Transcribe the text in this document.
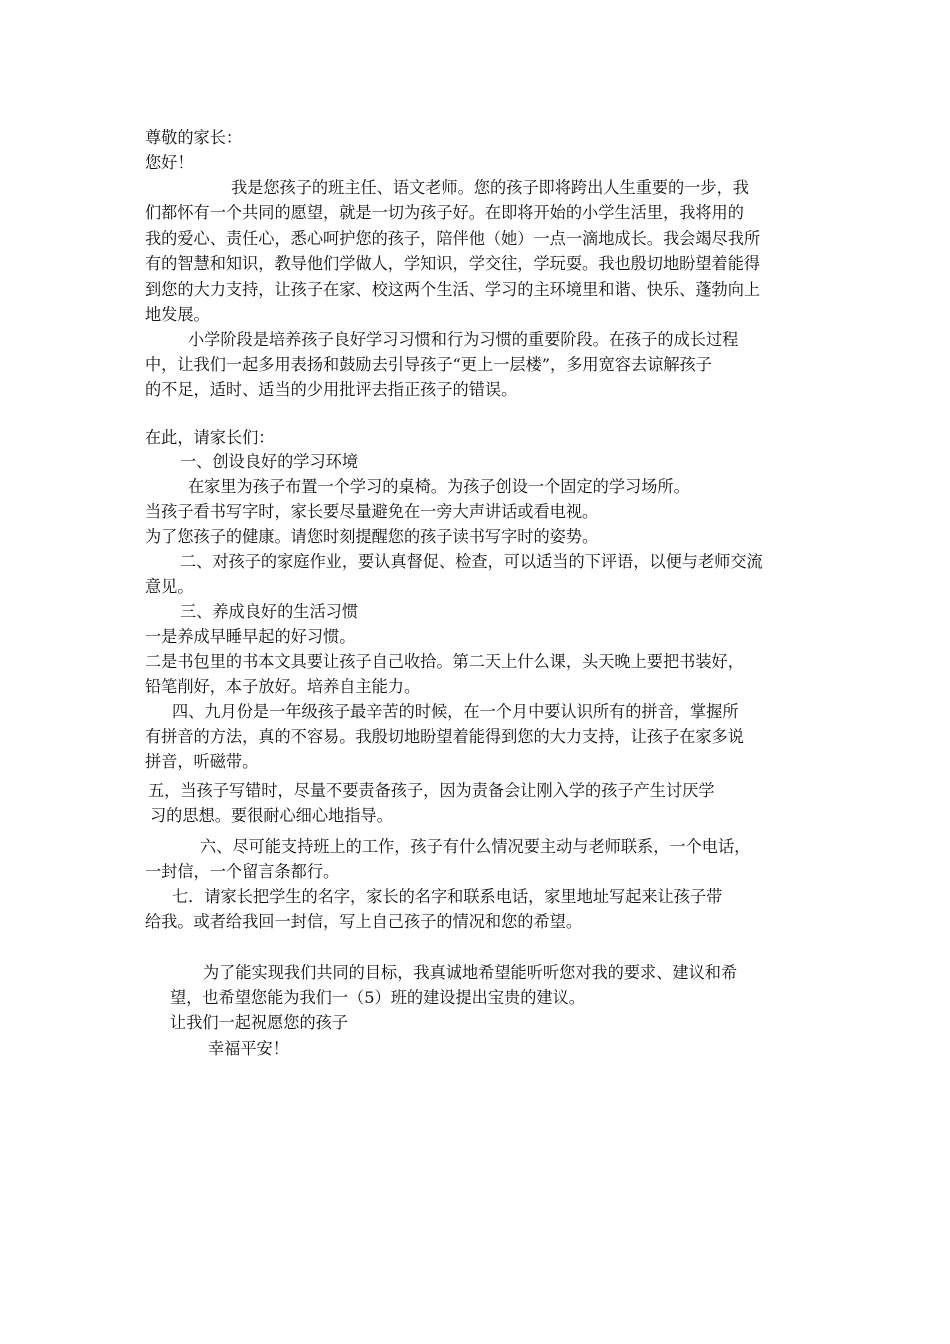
尊敬的家长：
您好！
我是您孩子的班主任、语文老师。您的孩子即将跨出人生重要的一步，我
们都怀有一个共同的愿望，就是一切为孩子好。在即将开始的小学生活里，我将用的
我的爱心、责任心，悉心呵护您的孩子，陪伴他（她）一点一滴地成长。我会竭尽我所
有的智慧和知识，教导他们学做人，学知识，学交往，学玩耍。我也殷切地盼望着能得
到您的大力支持，让孩子在家、校这两个生活、学习的主环境里和谐、快乐、蓬勃向上
地发展。
小学阶段是培养孩子良好学习习惯和行为习惯的重要阶段。在孩子的成长过程
中，让我们一起多用表扬和鼓励去引导孩子“更上一层楼”，多用宽容去谅解孩子
的不足，适时、适当的少用批评去指正孩子的错误。
在此，请家长们：
一、创设良好的学习环境
在家里为孩子布置一个学习的桌椅。为孩子创设一个固定的学习场所。
当孩子看书写字时，家长要尽量避免在一旁大声讲话或看电视。
为了您孩子的健康。请您时刻提醒您的孩子读书写字时的姿势。
二、对孩子的家庭作业，要认真督促、检查，可以适当的下评语，以便与老师交流
意见。
三、养成良好的生活习惯
一是养成早睡早起的好习惯。
二是书包里的书本文具要让孩子自己收拾。第二天上什么课，头天晚上要把书装好，
铅笔削好，本子放好。培养自主能力。
四、九月份是一年级孩子最辛苦的时候，在一个月中要认识所有的拼音，掌握所
有拼音的方法，真的不容易。我殷切地盼望着能得到您的大力支持，让孩子在家多说
拼音，听磁带。
五，当孩子写错时，尽量不要责备孩子，因为责备会让刚入学的孩子产生讨厌学
习的思想。要很耐心细心地指导。
六、尽可能支持班上的工作，孩子有什么情况要主动与老师联系，一个电话，
一封信，一个留言条都行。
七．请家长把学生的名字，家长的名字和联系电话，家里地址写起来让孩子带
给我。或者给我回一封信，写上自己孩子的情况和您的希望。
为了能实现我们共同的目标，我真诚地希望能听听您对我的要求、建议和希
望，也希望您能为我们一（5）班的建设提出宝贵的建议。
让我们一起祝愿您的孩子
幸福平安！
